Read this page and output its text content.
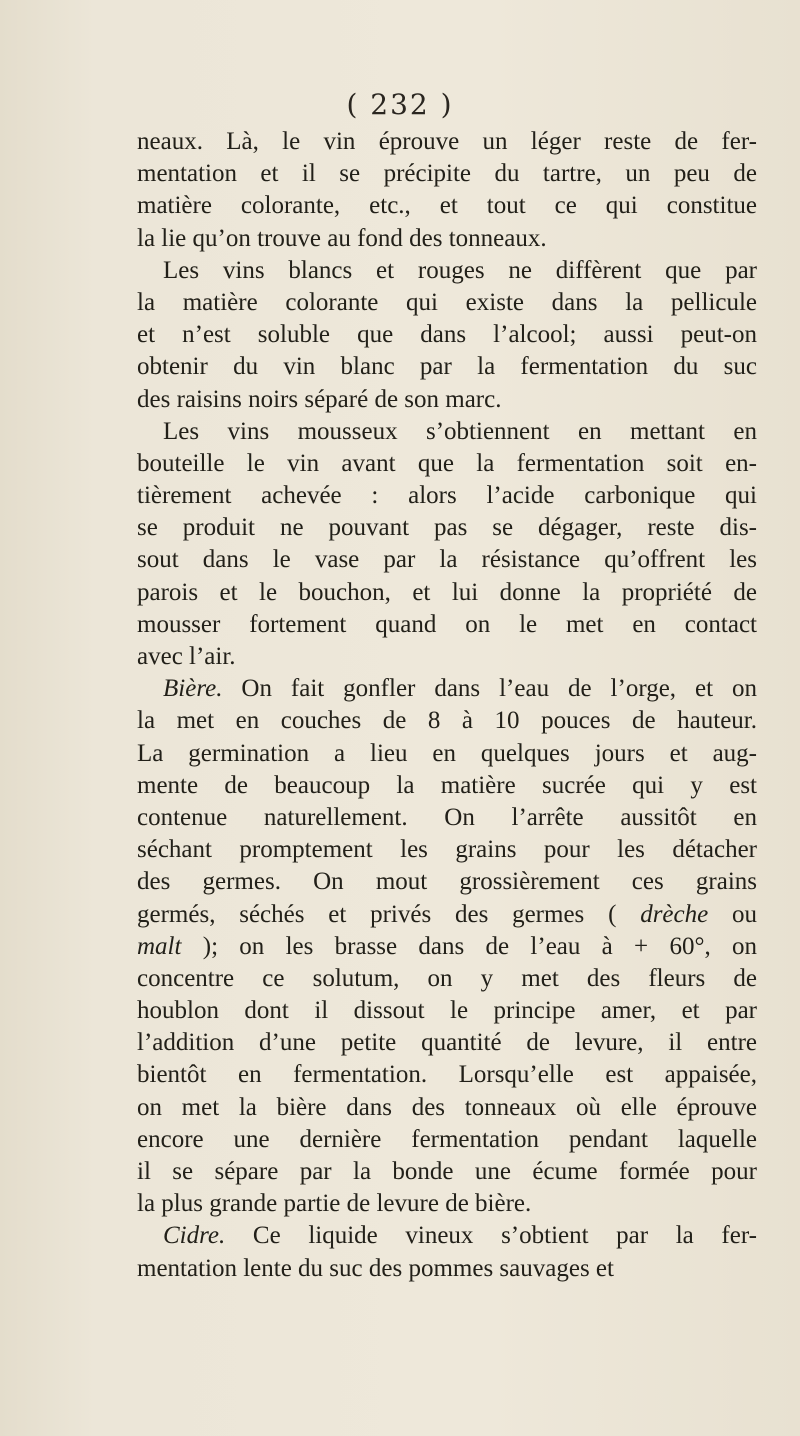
( 232 )
neaux. Là, le vin éprouve un léger reste de fer-
mentation et il se précipite du tartre, un peu de
matière colorante, etc., et tout ce qui constitue
la lie qu’on trouve au fond des tonneaux.
Les vins blancs et rouges ne diffèrent que par
la matière colorante qui existe dans la pellicule
et n’est soluble que dans l’alcool; aussi peut-on
obtenir du vin blanc par la fermentation du suc
des raisins noirs séparé de son marc.
Les vins mousseux s’obtiennent en mettant en
bouteille le vin avant que la fermentation soit en-
tièrement achevée : alors l’acide carbonique qui
se produit ne pouvant pas se dégager, reste dis-
sout dans le vase par la résistance qu’offrent les
parois et le bouchon, et lui donne la propriété de
mousser fortement quand on le met en contact
avec l’air.
Bière. On fait gonfler dans l’eau de l’orge, et on
la met en couches de 8 à 10 pouces de hauteur.
La germination a lieu en quelques jours et aug-
mente de beaucoup la matière sucrée qui y est
contenue naturellement. On l’arrête aussitôt en
séchant promptement les grains pour les détacher
des germes. On mout grossièrement ces grains
germés, séchés et privés des germes ( drèche ou
malt ); on les brasse dans de l’eau à + 60°, on
concentre ce solutum, on y met des fleurs de
houblon dont il dissout le principe amer, et par
l’addition d’une petite quantité de levure, il entre
bientôt en fermentation. Lorsqu’elle est appaisée,
on met la bière dans des tonneaux où elle éprouve
encore une dernière fermentation pendant laquelle
il se sépare par la bonde une écume formée pour
la plus grande partie de levure de bière.
Cidre. Ce liquide vineux s’obtient par la fer-
mentation lente du suc des pommes sauvages et
